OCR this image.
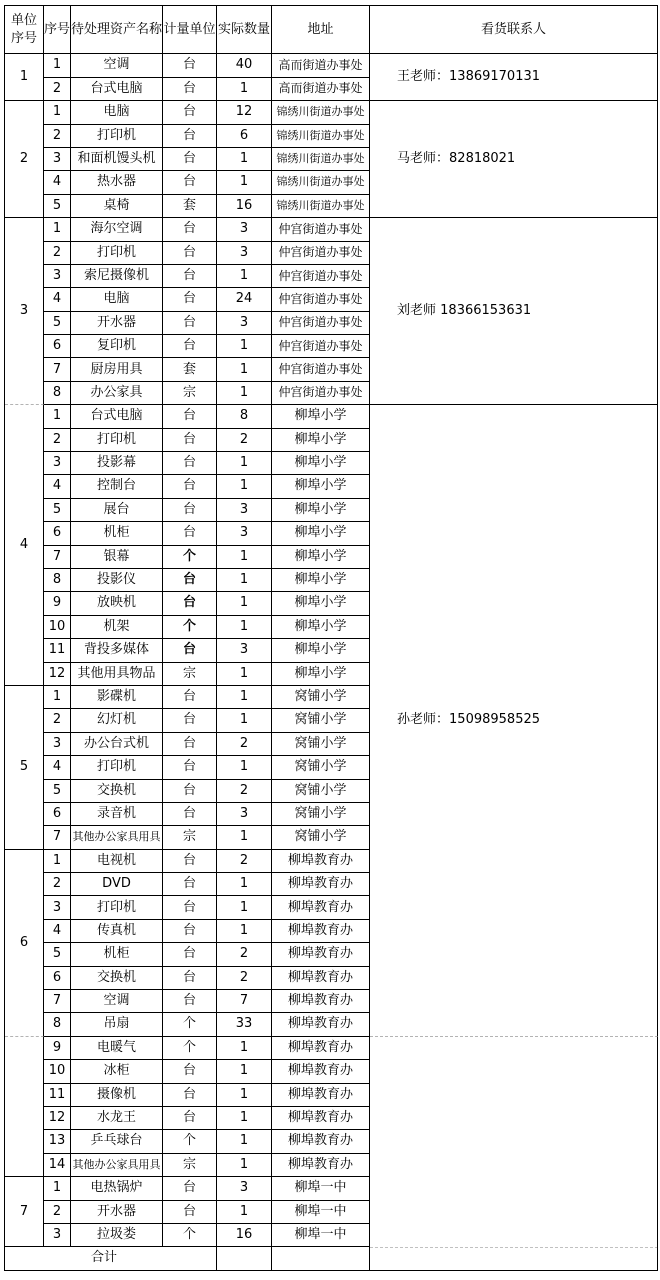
单位
序号	序号	待处理资产名称	计量单位	实际数量	地址	看货联系人
1	1	空调	台	40	高而街道办事处	王老师：13869170131
	2	台式电脑	台	1	高而街道办事处	
2	1	电脑	台	12	锦绣川街道办事处	马老师：82818021
	2	打印机	台	6	锦绣川街道办事处	
	3	和面机馒头机	台	1	锦绣川街道办事处	
	4	热水器	台	1	锦绣川街道办事处	
	5	桌椅	套	16	锦绣川街道办事处	
3	1	海尔空调	台	3	仲宫街道办事处	刘老师 18366153631
	2	打印机	台	3	仲宫街道办事处	
	3	索尼摄像机	台	1	仲宫街道办事处	
	4	电脑	台	24	仲宫街道办事处	
	5	开水器	台	3	仲宫街道办事处	
	6	复印机	台	1	仲宫街道办事处	
	7	厨房用具	套	1	仲宫街道办事处	
	8	办公家具	宗	1	仲宫街道办事处	
4	1	台式电脑	台	8	柳埠小学	孙老师：15098958525
	2	打印机	台	2	柳埠小学	
	3	投影幕	台	1	柳埠小学	
	4	控制台	台	1	柳埠小学	
	5	展台	台	3	柳埠小学	
	6	机柜	台	3	柳埠小学	
	7	银幕	个	1	柳埠小学	
	8	投影仪	台	1	柳埠小学	
	9	放映机	台	1	柳埠小学	
	10	机架	个	1	柳埠小学	
	11	背投多媒体	台	3	柳埠小学	
	12	其他用具物品	宗	1	柳埠小学	
5	1	影碟机	台	1	窝铺小学	
	2	幻灯机	台	1	窝铺小学	
	3	办公台式机	台	2	窝铺小学	
	4	打印机	台	1	窝铺小学	
	5	交换机	台	2	窝铺小学	
	6	录音机	台	3	窝铺小学	
	7	其他办公家具用具	宗	1	窝铺小学	
6	1	电视机	台	2	柳埠教育办	
	2	DVD	台	1	柳埠教育办	
	3	打印机	台	1	柳埠教育办	
	4	传真机	台	1	柳埠教育办	
	5	机柜	台	2	柳埠教育办	
	6	交换机	台	2	柳埠教育办	
	7	空调	台	7	柳埠教育办	
	8	吊扇	个	33	柳埠教育办	
	9	电暖气	个	1	柳埠教育办	
	10	冰柜	台	1	柳埠教育办	
	11	摄像机	台	1	柳埠教育办	
	12	水龙王	台	1	柳埠教育办	
	13	乒乓球台	个	1	柳埠教育办	
	14	其他办公家具用具	宗	1	柳埠教育办	
7	1	电热锅炉	台	3	柳埠一中	
	2	开水器	台	1	柳埠一中	
	3	拉圾娄	个	16	柳埠一中	
合计						
